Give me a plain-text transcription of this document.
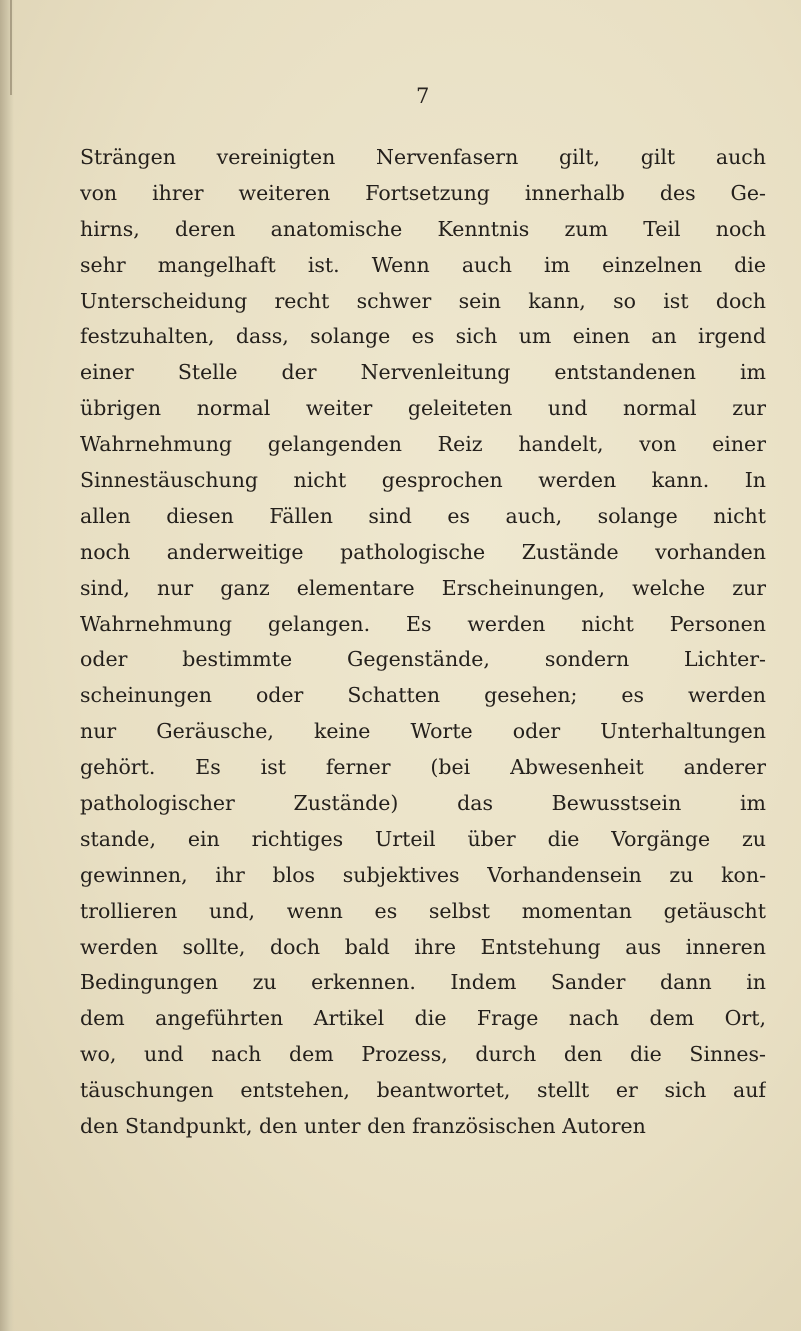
7
Strängen vereinigten Nervenfasern gilt, gilt auch
von ihrer weiteren Fortsetzung innerhalb des Ge-
hirns, deren anatomische Kenntnis zum Teil noch
sehr mangelhaft ist. Wenn auch im einzelnen die
Unterscheidung recht schwer sein kann, so ist doch
festzuhalten, dass, solange es sich um einen an irgend
einer Stelle der Nervenleitung entstandenen im
übrigen normal weiter geleiteten und normal zur
Wahrnehmung gelangenden Reiz handelt, von einer
Sinnestäuschung nicht gesprochen werden kann. In
allen diesen Fällen sind es auch, solange nicht
noch anderweitige pathologische Zustände vorhanden
sind, nur ganz elementare Erscheinungen, welche zur
Wahrnehmung gelangen. Es werden nicht Personen
oder bestimmte Gegenstände, sondern Lichter-
scheinungen oder Schatten gesehen; es werden
nur Geräusche, keine Worte oder Unterhaltungen
gehört. Es ist ferner (bei Abwesenheit anderer
pathologischer Zustände) das Bewusstsein im
stande, ein richtiges Urteil über die Vorgänge zu
gewinnen, ihr blos subjektives Vorhandensein zu kon-
trollieren und, wenn es selbst momentan getäuscht
werden sollte, doch bald ihre Entstehung aus inneren
Bedingungen zu erkennen. Indem Sander dann in
dem angeführten Artikel die Frage nach dem Ort,
wo, und nach dem Prozess, durch den die Sinnes-
täuschungen entstehen, beantwortet, stellt er sich auf
den Standpunkt, den unter den französischen Autoren
